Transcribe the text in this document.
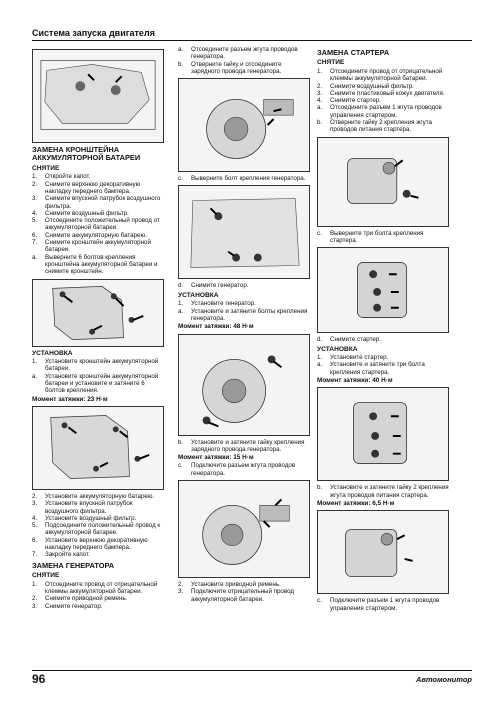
Система запуска двигателя
ЗАМЕНА КРОНШТЕЙНА АККУМУЛЯТОРНОЙ БАТАРЕИ
СНЯТИЕ
1.	Откройте капот.
2.	Снимите верхнюю декоративную накладку переднего бампера.
3.	Снимите впускной патрубок воздушного фильтра.
4.	Снимите воздушный фильтр.
5.	Отсоедините положительный провод от аккумуляторной батареи.
6.	Снимите аккумуляторную батарею.
7.	Снимите кронштейн аккумуляторной батареи.
a.	Выверните 6 болтов крепления кронштейна аккумуляторной батареи и снимите кронштейн.
УСТАНОВКА
1.	Установите кронштейн аккумуляторной батареи.
a.	Установите кронштейн аккумуляторной батареи и установите и затяните 6 болтов крепления.
Момент затяжки: 23 Н·м
2.	Установите аккумуляторную батарею.
3.	Установите впускной патрубок воздушного фильтра.
4.	Установите воздушный фильтр.
5.	Подсоедините положительный провод к аккумуляторной батарее.
6.	Установите верхнюю декоративную накладку переднего бампера.
7.	Закройте капот.
ЗАМЕНА ГЕНЕРАТОРА
СНЯТИЕ
1.	Отсоедините провод от отрицательной клеммы аккумуляторной батареи.
2.	Снимите приводной ремень.
3.	Снимите генератор.
a.	Отсоедините разъем жгута проводов генератора.
b.	Отверните гайку и отсоедините зарядного провода генератора.
c.	Выверните болт крепления генератора.
d.	Снимите генератор.
УСТАНОВКА
1.	Установите генератор.
a.	Установите и затяните болты крепления генератора.
Момент затяжки: 48 Н·м
b.	Установите и затяните гайку крепления зарядного провода генератора.
Момент затяжки: 15 Н·м
c.	Подключите разъем жгута проводов генератора.
2.	Установите приводной ремень.
3.	Подключите отрицательный провод аккумуляторной батареи.
ЗАМЕНА СТАРТЕРА
СНЯТИЕ
1.	Отсоедините провод от отрицательной клеммы аккумуляторной батареи.
2.	Снимите воздушный фильтр.
3.	Снимите пластиковый кожух двигателя.
4.	Снимите стартер.
a.	Отсоедините разъем 1 жгута проводов управления стартером.
b.	Отверните гайку 2 крепления жгута проводов питания стартера.
c.	Выверните три болта крепления стартера.
d.	Снимите стартер.
УСТАНОВКА
1.	Установите стартер.
a.	Установите и затяните три болта крепления стартера.
Момент затяжки: 40 Н·м
b.	Установите и затяните гайку 2 крепления жгута проводов питания стартера.
Момент затяжки: 6,5 Н·м
c.	Подключите разъем 1 жгута проводов управления стартером.
96	Автомонитор
